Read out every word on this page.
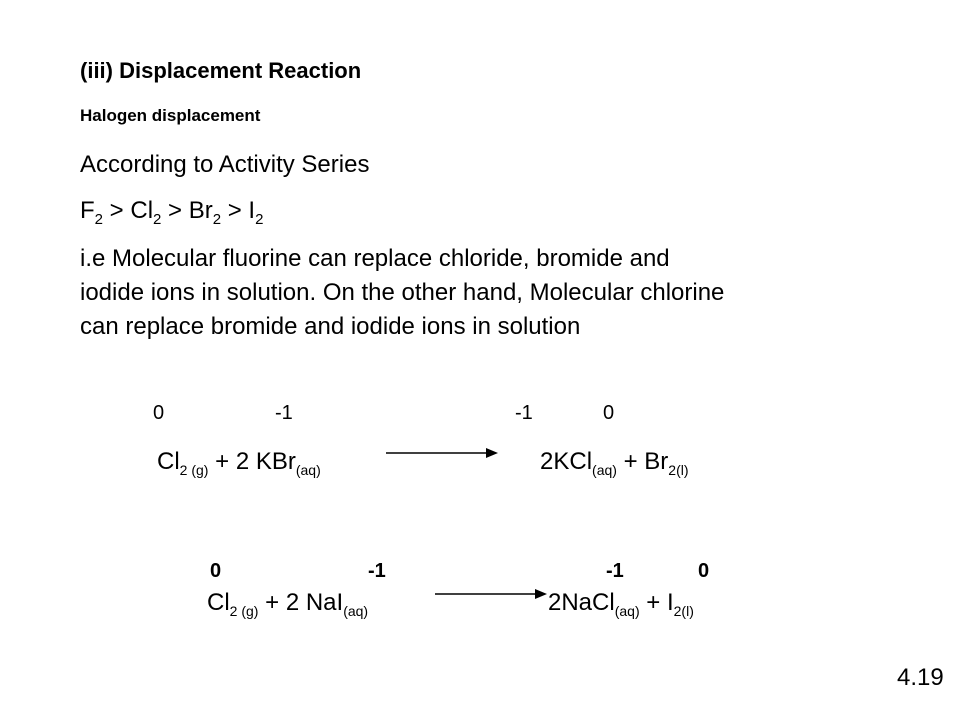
(iii) Displacement Reaction
Halogen displacement
According to Activity Series
$F_2 > Cl_2 > Br_2 > I_2$
i.e Molecular fluorine can replace chloride, bromide and
iodide ions in solution. On the other hand, Molecular chlorine
can replace bromide and iodide ions in solution
0	-1	-1	0
$Cl_{2 (g)} + 2$ KBr$_{(aq)}$	$2KCl_{(aq)} + Br_{2(l)}$
0	-1	-1	0
$Cl_{2 (g)} + 2$ NaI$_{(aq)}$	2NaCl$_{(aq)}$ + $I_{2(l)}$
4.19
